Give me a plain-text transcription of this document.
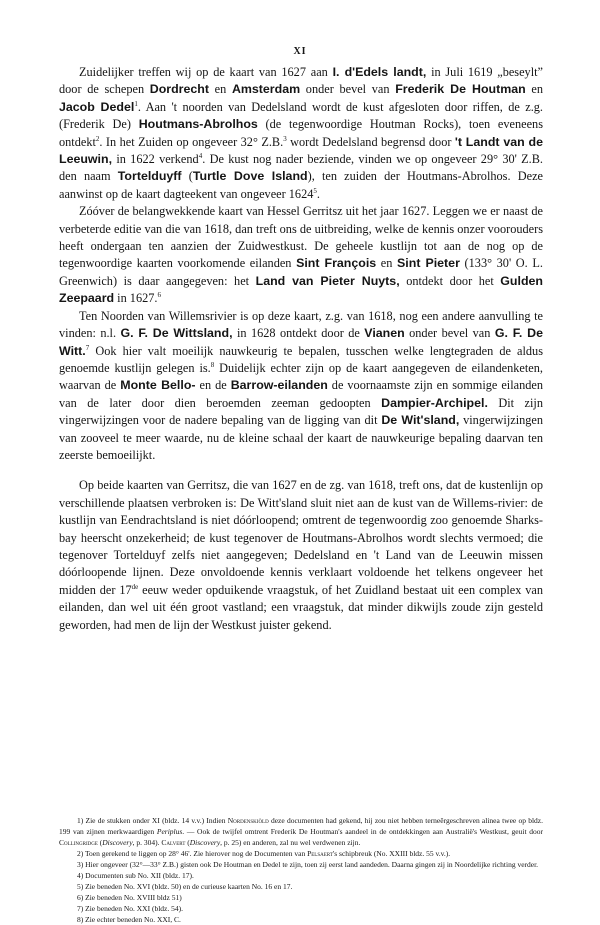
XI

Zuidelijker treffen wij op de kaart van 1627 aan I. d'Edels landt, in Juli 1619 „beseylt” door de schepen Dordrecht en Amsterdam onder bevel van Frederik De Houtman en Jacob Dedel$^1$. Aan 't noorden van Dedelsland wordt de kust afgesloten door riffen, de z.g. (Frederik De) Houtmans-Abrolhos (de tegenwoordige Houtman Rocks), toen eveneens ontdekt$^2$. In het Zuiden op ongeveer 32° Z.B.$^3$ wordt Dedelsland begrensd door 't Landt van de Leeuwin, in 1622 verkend$^4$. De kust nog nader beziende, vinden we op ongeveer 29° 30' Z.B. den naam Tortelduyff (Turtle Dove Island), ten zuiden der Houtmans-Abrolhos. Deze aanwinst op de kaart dagteekent van ongeveer 1624$^5$.

Zóóver de belangwekkende kaart van Hessel Gerritsz uit het jaar 1627. Leggen we er naast de verbeterde editie van die van 1618, dan treft ons de uitbreiding, welke de kennis onzer voorouders heeft ondergaan ten aanzien der Zuidwestkust. De geheele kustlijn tot aan de nog op de tegenwoordige kaarten voorkomende eilanden Sint François en Sint Pieter (133° 30' O. L. Greenwich) is daar aangegeven: het Land van Pieter Nuyts, ontdekt door het Gulden Zeepaard in 1627.$^6$

Ten Noorden van Willemsrivier is op deze kaart, z.g. van 1618, nog een andere aanvulling te vinden: n.l. G. F. De Wittsland, in 1628 ontdekt door de Vianen onder bevel van G. F. De Witt.$^7$ Ook hier valt moeilijk nauwkeurig te bepalen, tusschen welke lengtegraden de aldus genoemde kustlijn gelegen is.$^8$ Duidelijk echter zijn op de kaart aangegeven de eilandenketen, waarvan de Monte Bello- en de Barrow-eilanden de voornaamste zijn en sommige eilanden van de later door dien beroemden zeeman gedoopten Dampier-Archipel. Dit zijn vingerwijzingen voor de nadere bepaling van de ligging van dit De Wit'sland, vingerwijzingen van zooveel te meer waarde, nu de kleine schaal der kaart de nauwkeurige bepaling daarvan ten zeerste bemoeilijkt.

Op beide kaarten van Gerritsz, die van 1627 en de zg. van 1618, treft ons, dat de kustenlijn op verschillende plaatsen verbroken is: De Witt'sland sluit niet aan de kust van de Willems-rivier: de kustlijn van Eendrachtsland is niet dóórloopend; omtrent de tegenwoordig zoo genoemde Sharks-bay heerscht onzekerheid; de kust tegenover de Houtmans-Abrolhos wordt slechts vermoed; die tegenover Tortelduyf zelfs niet aangegeven; Dedelsland en 't Land van de Leeuwin missen dóórloopende lijnen. Deze onvoldoende kennis verklaart voldoende het telkens ongeveer het midden der 17de eeuw weder opduikende vraagstuk, of het Zuidland bestaat uit een complex van eilanden, dan wel uit één groot vastland; een vraagstuk, dat minder dikwijls zoude zijn gesteld geworden, had men de lijn der Westkust juister gekend.

1) Zie de stukken onder XI (bldz. 14 v.v.) Indien Nordenskiöld deze documenten had gekend, hij zou niet hebben terneêrgeschreven alinea twee op bldz. 199 van zijnen merkwaardigen Periplus. — Ook de twijfel omtrent Frederik De Houtman's aandeel in de ontdekkingen aan Australië's Westkust, geuit door Collingridge (Discovery, p. 304). Calvert (Discovery, p. 25) en anderen, zal nu wel verdwenen zijn.

2) Toen gerekend te liggen op 28° 46'. Zie hierover nog de Documenten van Pelsaert's schipbreuk (No. XXIII bldz. 55 v.v.).

3) Hier ongeveer (32°—33° Z.B.) gisten ook De Houtman en Dedel te zijn, toen zij eerst land aandeden. Daarna gingen zij in Noordelijke richting verder.

4) Documenten sub No. XII (bldz. 17).

5) Zie beneden No. XVI (bldz. 50) en de curieuse kaarten No. 16 en 17.

6) Zie beneden No. XVIII bldz 51)

7) Zie beneden No. XXI (bldz. 54).

8) Zie echter beneden No. XXI, C.
